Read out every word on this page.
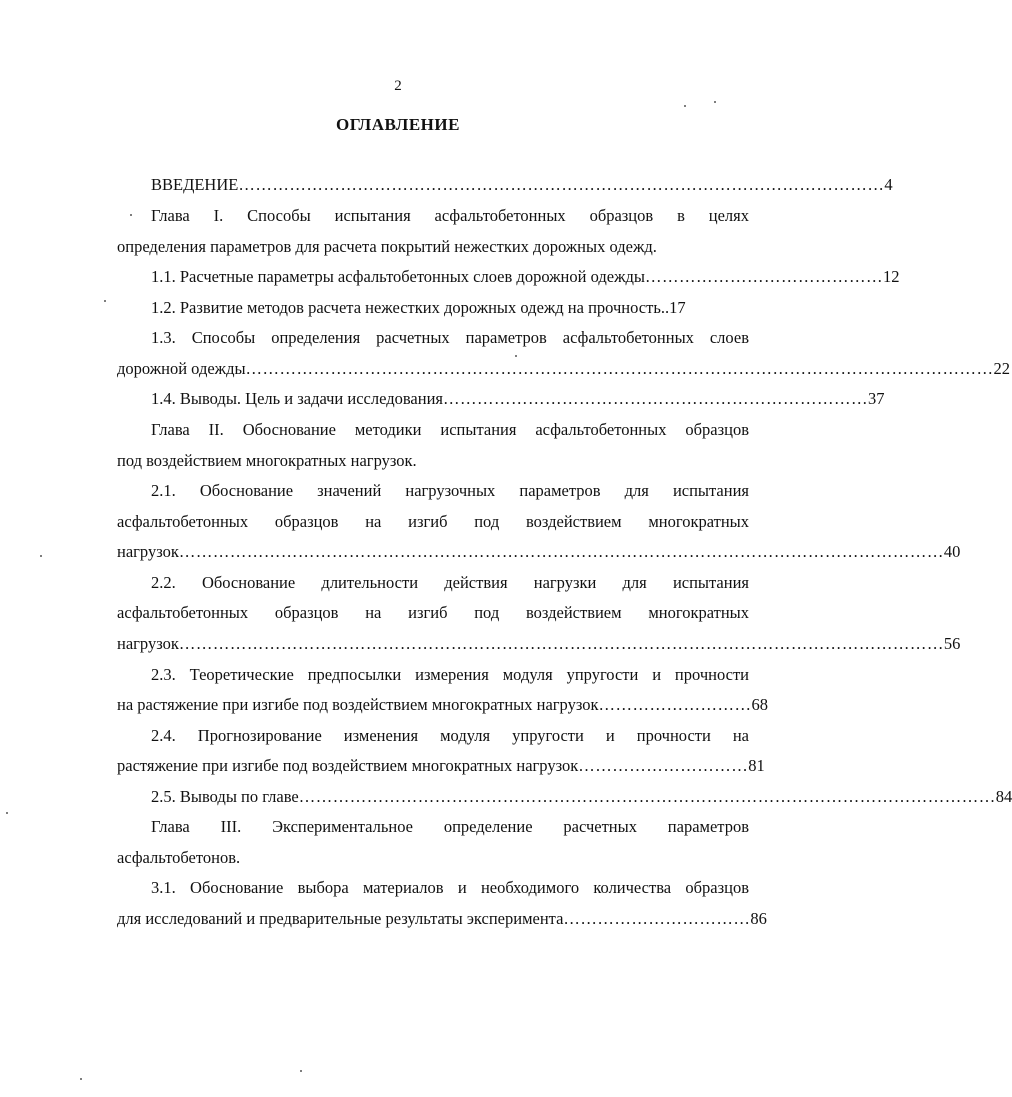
2
ОГЛАВЛЕНИЕ
ВВЕДЕНИЕ …………………………………………………………………………………………………… 4
Глава I. Способы испытания асфальтобетонных образцов в целях
определения параметров для расчета покрытий нежестких дорожных одежд.
1.1. Расчетные параметры асфальтобетонных слоев дорожной одежды …………………………………… 12
1.2. Развитие методов расчета нежестких дорожных одежд на прочность.. 17
1.3. Способы определения расчетных параметров асфальтобетонных слоев
дорожной одежды …………………………………………………………………………………………………………………… 22
1.4. Выводы. Цель и задачи исследования ………………………………………………………………… 37
Глава II. Обоснование методики испытания асфальтобетонных образцов
под воздействием многократных нагрузок.
2.1. Обоснование значений нагрузочных параметров для испытания
асфальтобетонных образцов на изгиб под воздействием многократных
нагрузок ……………………………………………………………………………………………………………………… 40
2.2. Обоснование длительности действия нагрузки для испытания
асфальтобетонных образцов на изгиб под воздействием многократных
нагрузок ……………………………………………………………………………………………………………………… 56
2.3. Теоретические предпосылки измерения модуля упругости и прочности
на растяжение при изгибе под воздействием многократных нагрузок ……………………… 68
2.4. Прогнозирование изменения модуля упругости и прочности на
растяжение при изгибе под воздействием многократных нагрузок ………………………… 81
2.5. Выводы по главе …………………………………………………………………………………………………………… 84
Глава III. Экспериментальное определение расчетных параметров
асфальтобетонов.
3.1. Обоснование выбора материалов и необходимого количества образцов
для исследований и предварительные результаты эксперимента …………………………… 86
